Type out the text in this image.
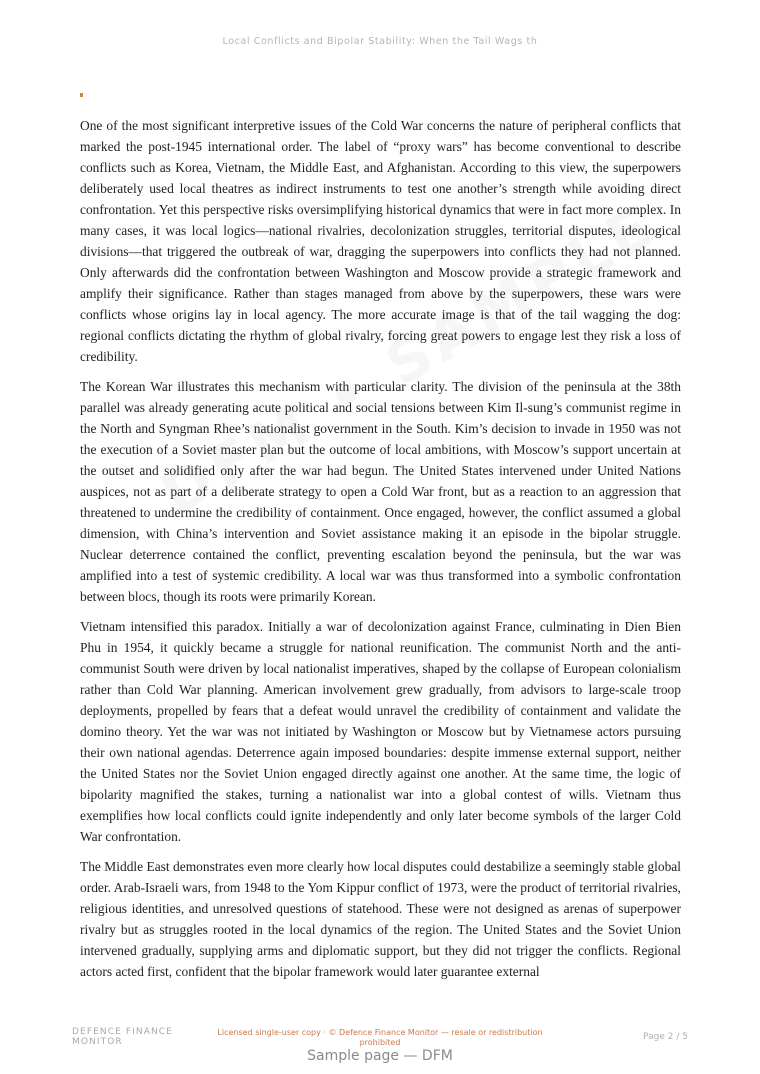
Local Conflicts and Bipolar Stability: When the Tail Wags th

One of the most significant interpretive issues of the Cold War concerns the nature of peripheral conflicts that marked the post-1945 international order. The label of “proxy wars” has become conventional to describe conflicts such as Korea, Vietnam, the Middle East, and Afghanistan. According to this view, the superpowers deliberately used local theatres as indirect instruments to test one another’s strength while avoiding direct confrontation. Yet this perspective risks oversimplifying historical dynamics that were in fact more complex. In many cases, it was local logics—national rivalries, decolonization struggles, territorial disputes, ideological divisions—that triggered the outbreak of war, dragging the superpowers into conflicts they had not planned. Only afterwards did the confrontation between Washington and Moscow provide a strategic framework and amplify their significance. Rather than stages managed from above by the superpowers, these wars were conflicts whose origins lay in local agency. The more accurate image is that of the tail wagging the dog: regional conflicts dictating the rhythm of global rivalry, forcing great powers to engage lest they risk a loss of credibility.

The Korean War illustrates this mechanism with particular clarity. The division of the peninsula at the 38th parallel was already generating acute political and social tensions between Kim Il-sung’s communist regime in the North and Syngman Rhee’s nationalist government in the South. Kim’s decision to invade in 1950 was not the execution of a Soviet master plan but the outcome of local ambitions, with Moscow’s support uncertain at the outset and solidified only after the war had begun. The United States intervened under United Nations auspices, not as part of a deliberate strategy to open a Cold War front, but as a reaction to an aggression that threatened to undermine the credibility of containment. Once engaged, however, the conflict assumed a global dimension, with China’s intervention and Soviet assistance making it an episode in the bipolar struggle. Nuclear deterrence contained the conflict, preventing escalation beyond the peninsula, but the war was amplified into a test of systemic credibility. A local war was thus transformed into a symbolic confrontation between blocs, though its roots were primarily Korean.

Vietnam intensified this paradox. Initially a war of decolonization against France, culminating in Dien Bien Phu in 1954, it quickly became a struggle for national reunification. The communist North and the anti-communist South were driven by local nationalist imperatives, shaped by the collapse of European colonialism rather than Cold War planning. American involvement grew gradually, from advisors to large-scale troop deployments, propelled by fears that a defeat would unravel the credibility of containment and validate the domino theory. Yet the war was not initiated by Washington or Moscow but by Vietnamese actors pursuing their own national agendas. Deterrence again imposed boundaries: despite immense external support, neither the United States nor the Soviet Union engaged directly against one another. At the same time, the logic of bipolarity magnified the stakes, turning a nationalist war into a global contest of wills. Vietnam thus exemplifies how local conflicts could ignite independently and only later become symbols of the larger Cold War confrontation.

The Middle East demonstrates even more clearly how local disputes could destabilize a seemingly stable global order. Arab-Israeli wars, from 1948 to the Yom Kippur conflict of 1973, were the product of territorial rivalries, religious identities, and unresolved questions of statehood. These were not designed as arenas of superpower rivalry but as struggles rooted in the local dynamics of the region. The United States and the Soviet Union intervened gradually, supplying arms and diplomatic support, but they did not trigger the conflicts. Regional actors acted first, confident that the bipolar framework would later guarantee external

DEFENCE FINANCE MONITOR
Licensed single-user copy · © Defence Finance Monitor — resale or redistribution prohibited
Page 2 / 5
Sample page — DFM
